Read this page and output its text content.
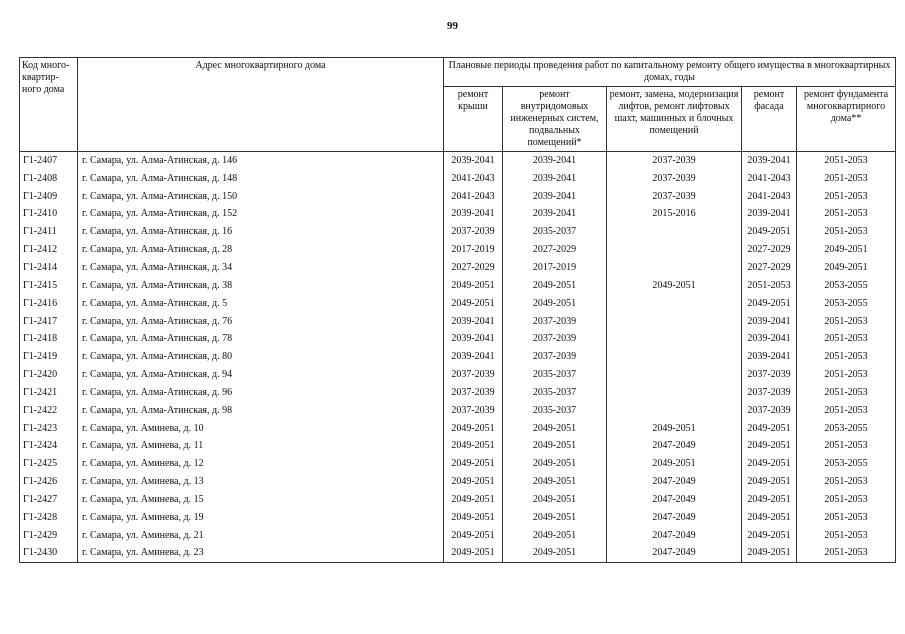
99
Код много-квартир-ного дома	Адрес многоквартирного дома	Плановые периоды проведения работ по капитальному ремонту общего имущества в многоквартирных домах, годы				
		ремонт крыши	ремонт внутридомовых инженерных систем, подвальных помещений*	ремонт, замена, модернизация лифтов, ремонт лифтовых шахт, машинных и блочных помещений	ремонт фасада	ремонт фундамента многоквартирного дома**
Г1-2407	г. Самара, ул. Алма-Атинская, д. 146	2039-2041	2039-2041	2037-2039	2039-2041	2051-2053
Г1-2408	г. Самара, ул. Алма-Атинская, д. 148	2041-2043	2039-2041	2037-2039	2041-2043	2051-2053
Г1-2409	г. Самара, ул. Алма-Атинская, д. 150	2041-2043	2039-2041	2037-2039	2041-2043	2051-2053
Г1-2410	г. Самара, ул. Алма-Атинская, д. 152	2039-2041	2039-2041	2015-2016	2039-2041	2051-2053
Г1-2411	г. Самара, ул. Алма-Атинская, д. 16	2037-2039	2035-2037		2049-2051	2051-2053
Г1-2412	г. Самара, ул. Алма-Атинская, д. 28	2017-2019	2027-2029		2027-2029	2049-2051
Г1-2414	г. Самара, ул. Алма-Атинская, д. 34	2027-2029	2017-2019		2027-2029	2049-2051
Г1-2415	г. Самара, ул. Алма-Атинская, д. 38	2049-2051	2049-2051	2049-2051	2051-2053	2053-2055
Г1-2416	г. Самара, ул. Алма-Атинская, д. 5	2049-2051	2049-2051		2049-2051	2053-2055
Г1-2417	г. Самара, ул. Алма-Атинская, д. 76	2039-2041	2037-2039		2039-2041	2051-2053
Г1-2418	г. Самара, ул. Алма-Атинская, д. 78	2039-2041	2037-2039		2039-2041	2051-2053
Г1-2419	г. Самара, ул. Алма-Атинская, д. 80	2039-2041	2037-2039		2039-2041	2051-2053
Г1-2420	г. Самара, ул. Алма-Атинская, д. 94	2037-2039	2035-2037		2037-2039	2051-2053
Г1-2421	г. Самара, ул. Алма-Атинская, д. 96	2037-2039	2035-2037		2037-2039	2051-2053
Г1-2422	г. Самара, ул. Алма-Атинская, д. 98	2037-2039	2035-2037		2037-2039	2051-2053
Г1-2423	г. Самара, ул. Аминева, д. 10	2049-2051	2049-2051	2049-2051	2049-2051	2053-2055
Г1-2424	г. Самара, ул. Аминева, д. 11	2049-2051	2049-2051	2047-2049	2049-2051	2051-2053
Г1-2425	г. Самара, ул. Аминева, д. 12	2049-2051	2049-2051	2049-2051	2049-2051	2053-2055
Г1-2426	г. Самара, ул. Аминева, д. 13	2049-2051	2049-2051	2047-2049	2049-2051	2051-2053
Г1-2427	г. Самара, ул. Аминева, д. 15	2049-2051	2049-2051	2047-2049	2049-2051	2051-2053
Г1-2428	г. Самара, ул. Аминева, д. 19	2049-2051	2049-2051	2047-2049	2049-2051	2051-2053
Г1-2429	г. Самара, ул. Аминева, д. 21	2049-2051	2049-2051	2047-2049	2049-2051	2051-2053
Г1-2430	г. Самара, ул. Аминева, д. 23	2049-2051	2049-2051	2047-2049	2049-2051	2051-2053
